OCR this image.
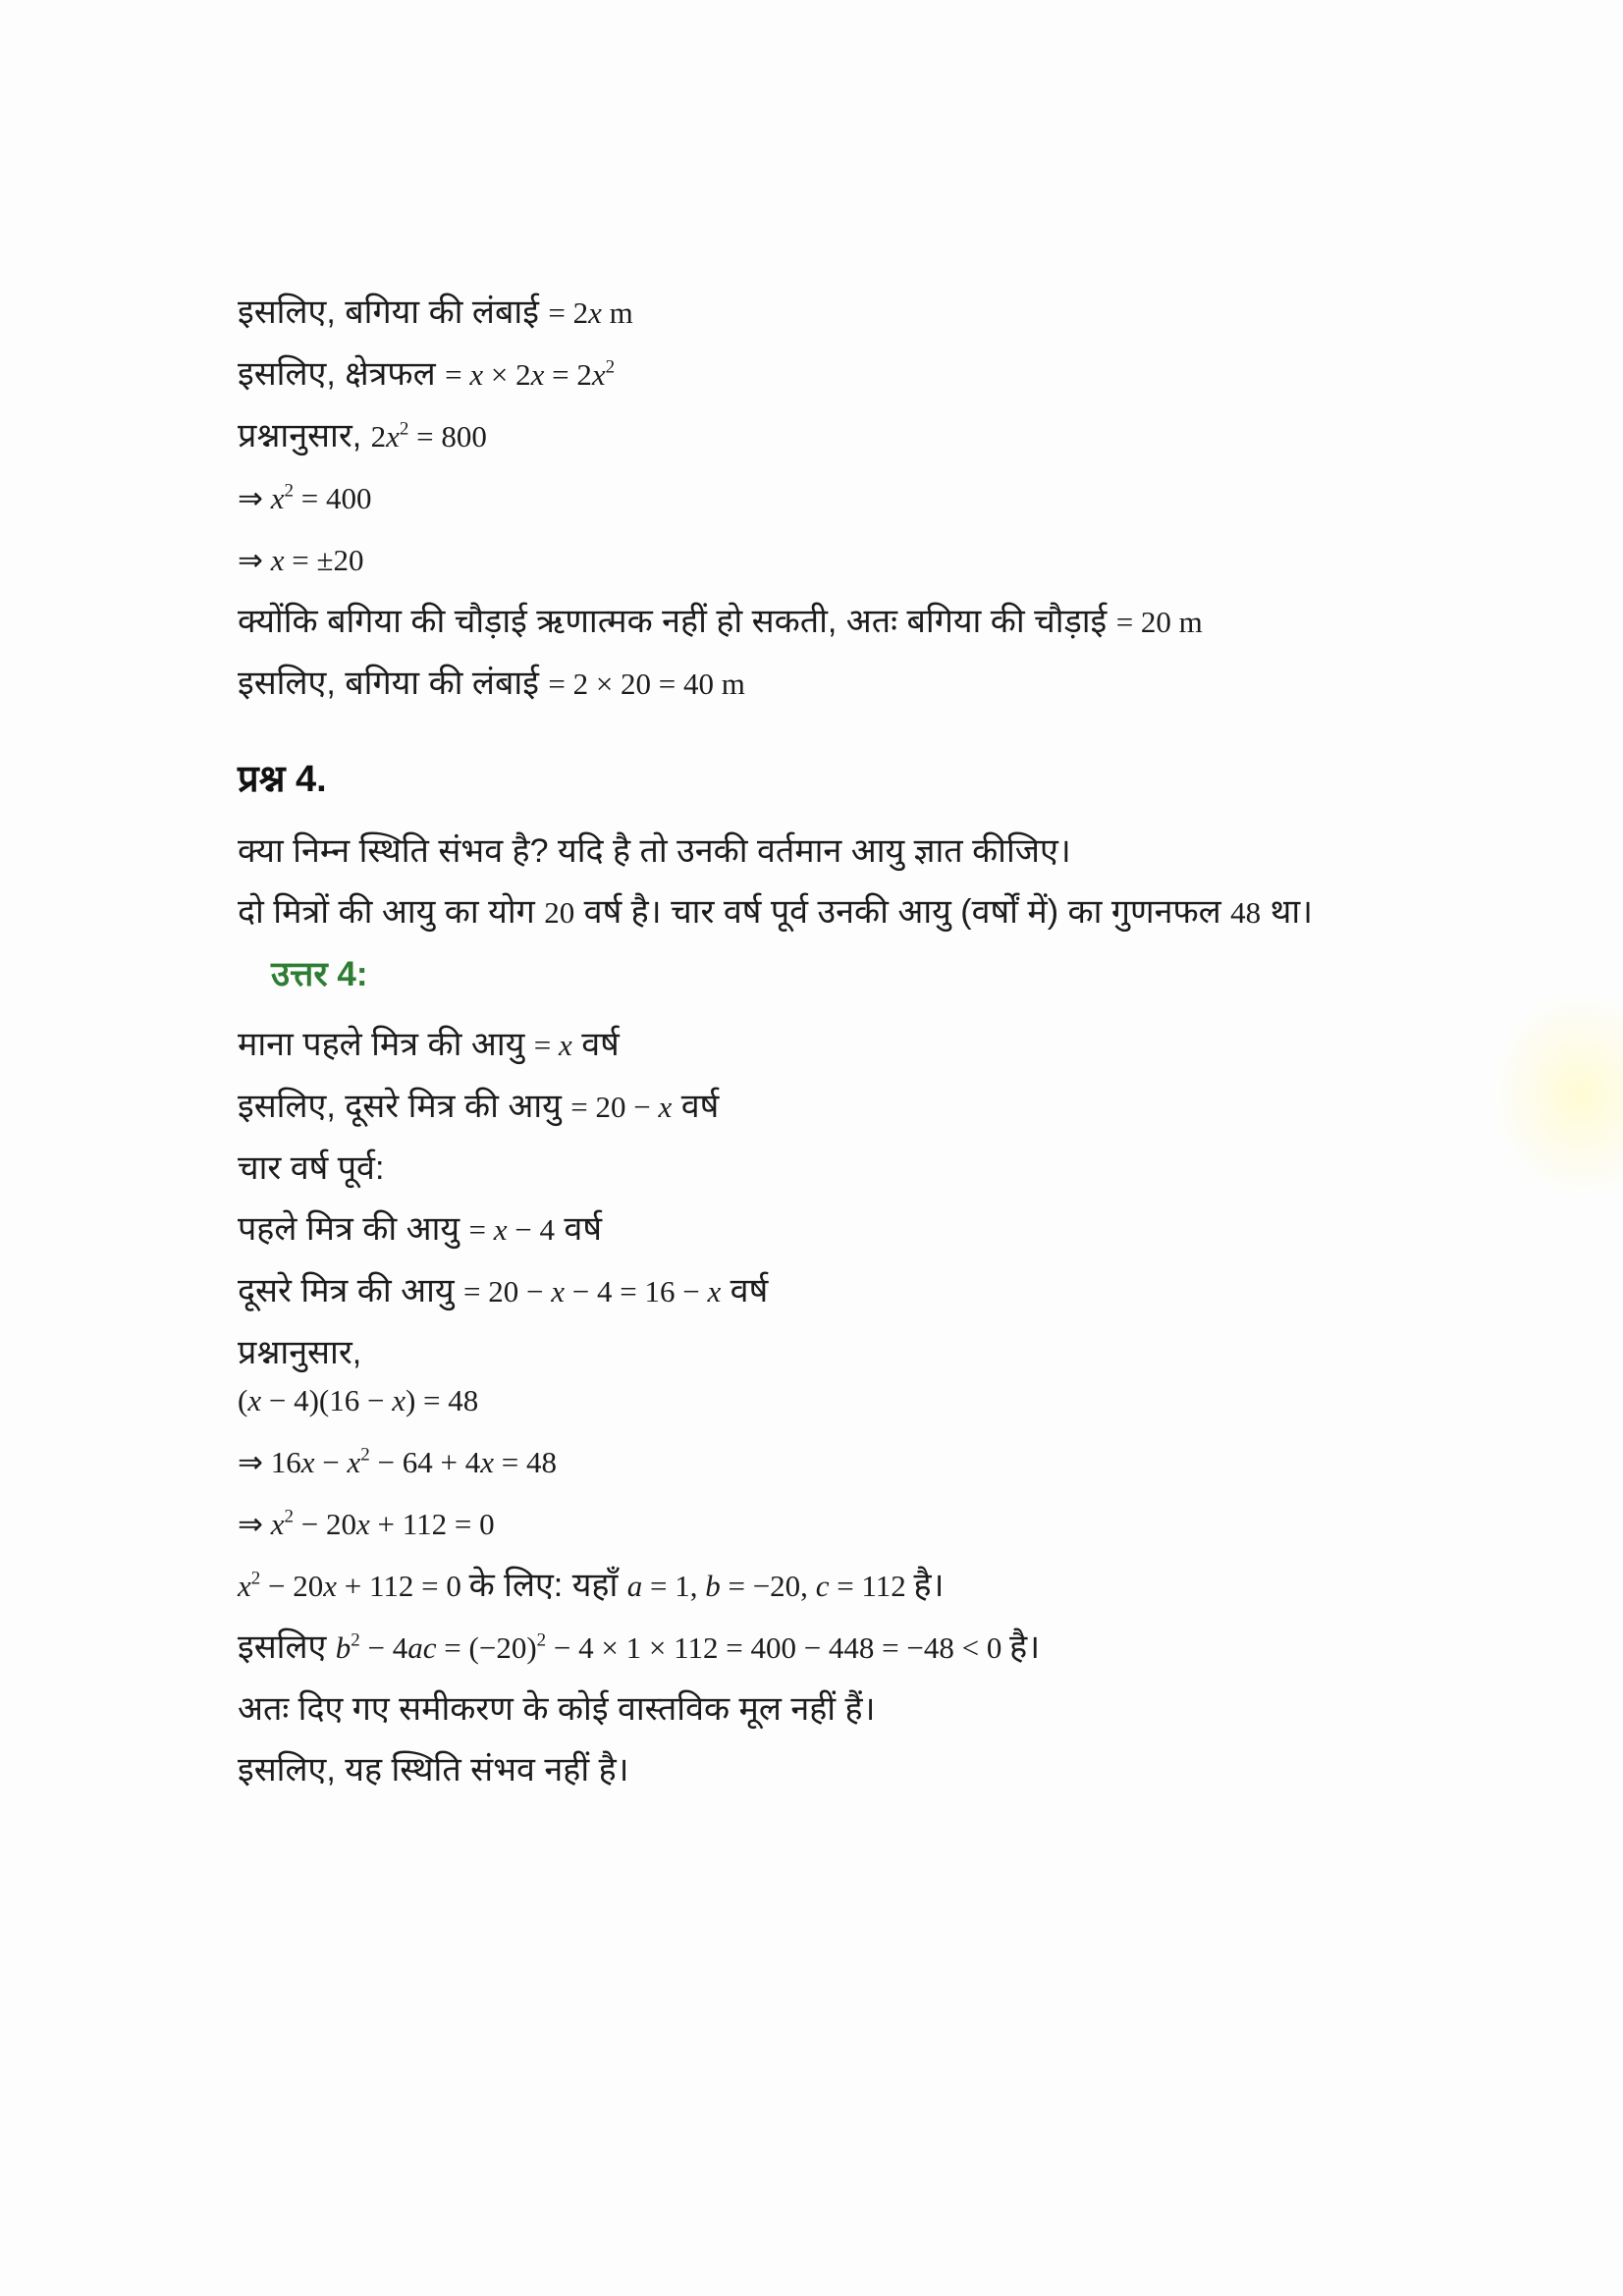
इसलिए, बगिया की लंबाई = 2x m
इसलिए, क्षेत्रफल = $x \times 2x = 2x^2$
प्रश्नानुसार, $2x^2 = 800$
⇒ $x^2 = 400$
⇒ x = ±20
क्योंकि बगिया की चौड़ाई ऋणात्मक नहीं हो सकती, अतः बगिया की चौड़ाई = 20 m
इसलिए, बगिया की लंबाई = 2 × 20 = 40 m
प्रश्न 4.
क्या निम्न स्थिति संभव है? यदि है तो उनकी वर्तमान आयु ज्ञात कीजिए।
दो मित्रों की आयु का योग 20 वर्ष है। चार वर्ष पूर्व उनकी आयु (वर्षों में) का गुणनफल 48 था।
उत्तर 4:
माना पहले मित्र की आयु = x वर्ष
इसलिए, दूसरे मित्र की आयु = 20 − x वर्ष
चार वर्ष पूर्व:
पहले मित्र की आयु = x − 4 वर्ष
दूसरे मित्र की आयु = 20 − x − 4 = 16 − x वर्ष
प्रश्नानुसार,
(x − 4)(16 − x) = 48
⇒ $16x - x^2 - 64 + 4x = 48$
⇒ $x^2 - 20x + 112 = 0$
$x^2 - 20x + 112 = 0$ के लिए: यहाँ a = 1, b = −20, c = 112 है।
इसलिए $b^2 - 4ac = (-20)^2 - 4 \times 1 \times 112 = 400 - 448 = -48 < 0$ है।
अतः दिए गए समीकरण के कोई वास्तविक मूल नहीं हैं।
इसलिए, यह स्थिति संभव नहीं है।
